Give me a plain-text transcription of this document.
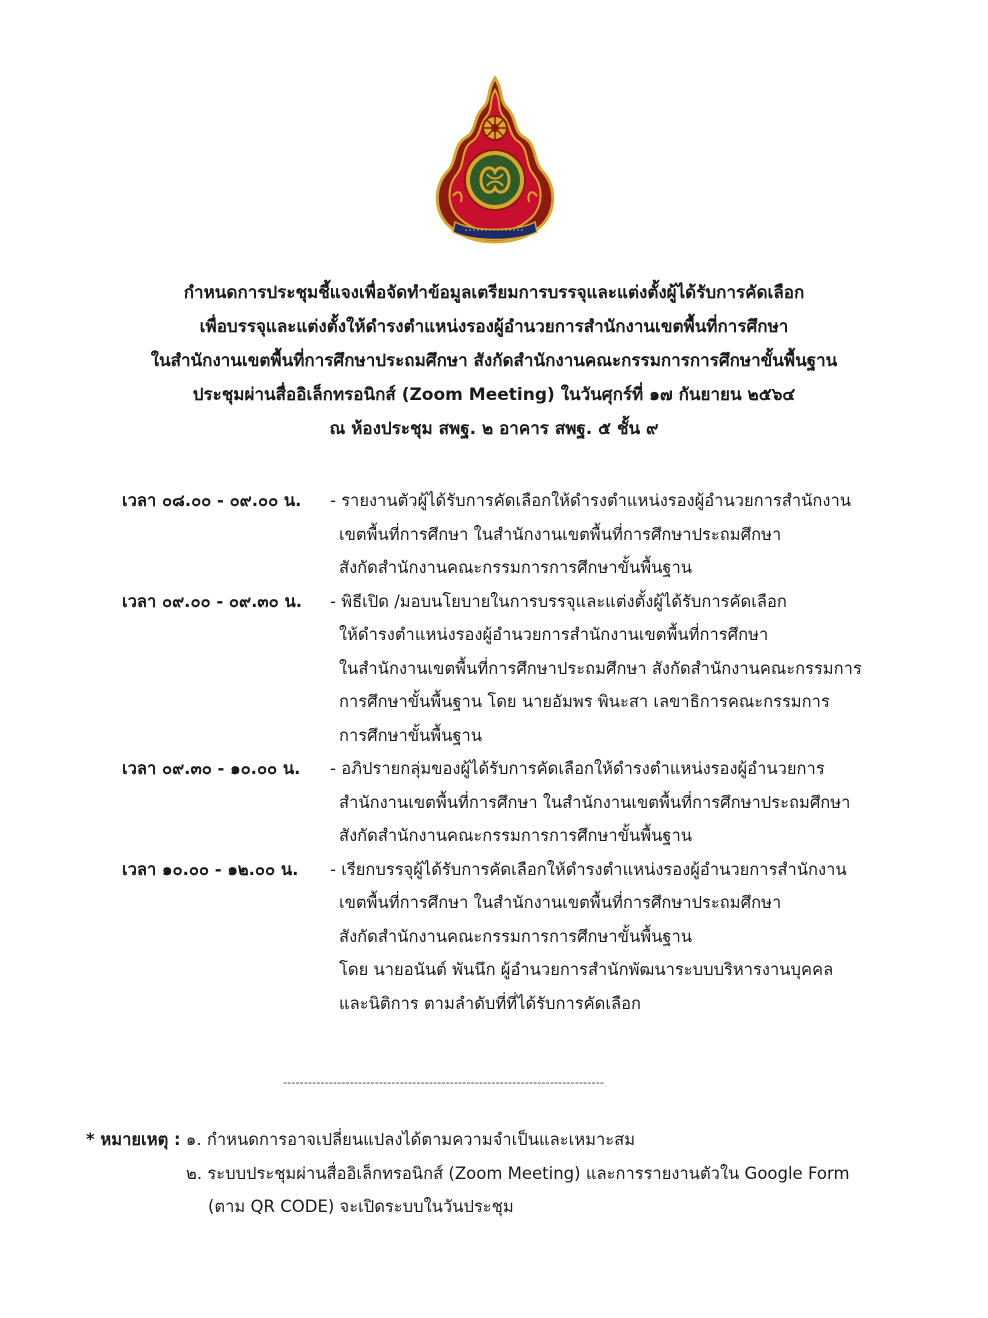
กำหนดการประชุมชี้แจงเพื่อจัดทำข้อมูลเตรียมการบรรจุและแต่งตั้งผู้ได้รับการคัดเลือก
เพื่อบรรจุและแต่งตั้งให้ดำรงตำแหน่งรองผู้อำนวยการสำนักงานเขตพื้นที่การศึกษา
ในสำนักงานเขตพื้นที่การศึกษาประถมศึกษา สังกัดสำนักงานคณะกรรมการการศึกษาขั้นพื้นฐาน
ประชุมผ่านสื่ออิเล็กทรอนิกส์ (Zoom Meeting) ในวันศุกร์ที่ ๑๗ กันยายน ๒๕๖๔
ณ ห้องประชุม สพฐ. ๒ อาคาร สพฐ. ๕ ชั้น ๙
เวลา ๐๘.๐๐ - ๐๙.๐๐ น.	- รายงานตัวผู้ได้รับการคัดเลือกให้ดำรงตำแหน่งรองผู้อำนวยการสำนักงาน
เขตพื้นที่การศึกษา ในสำนักงานเขตพื้นที่การศึกษาประถมศึกษา
สังกัดสำนักงานคณะกรรมการการศึกษาขั้นพื้นฐาน
เวลา ๐๙.๐๐ - ๐๙.๓๐ น.	- พิธีเปิด /มอบนโยบายในการบรรจุและแต่งตั้งผู้ได้รับการคัดเลือก
ให้ดำรงตำแหน่งรองผู้อำนวยการสำนักงานเขตพื้นที่การศึกษา
ในสำนักงานเขตพื้นที่การศึกษาประถมศึกษา สังกัดสำนักงานคณะกรรมการ
การศึกษาขั้นพื้นฐาน โดย นายอัมพร พินะสา เลขาธิการคณะกรรมการ
การศึกษาขั้นพื้นฐาน
เวลา ๐๙.๓๐ - ๑๐.๐๐ น.	- อภิปรายกลุ่มของผู้ได้รับการคัดเลือกให้ดำรงตำแหน่งรองผู้อำนวยการ
สำนักงานเขตพื้นที่การศึกษา ในสำนักงานเขตพื้นที่การศึกษาประถมศึกษา
สังกัดสำนักงานคณะกรรมการการศึกษาขั้นพื้นฐาน
เวลา ๑๐.๐๐ - ๑๒.๐๐ น.	- เรียกบรรจุผู้ได้รับการคัดเลือกให้ดำรงตำแหน่งรองผู้อำนวยการสำนักงาน
เขตพื้นที่การศึกษา ในสำนักงานเขตพื้นที่การศึกษาประถมศึกษา
สังกัดสำนักงานคณะกรรมการการศึกษาขั้นพื้นฐาน
โดย นายอนันต์ พันนึก ผู้อำนวยการสำนักพัฒนาระบบบริหารงานบุคคล
และนิติการ ตามลำดับที่ที่ได้รับการคัดเลือก
-----------------------------------------------------------------------------
* หมายเหตุ : ๑. กำหนดการอาจเปลี่ยนแปลงได้ตามความจำเป็นและเหมาะสม
๒. ระบบประชุมผ่านสื่ออิเล็กทรอนิกส์ (Zoom Meeting) และการรายงานตัวใน Google Form
(ตาม QR CODE) จะเปิดระบบในวันประชุม
